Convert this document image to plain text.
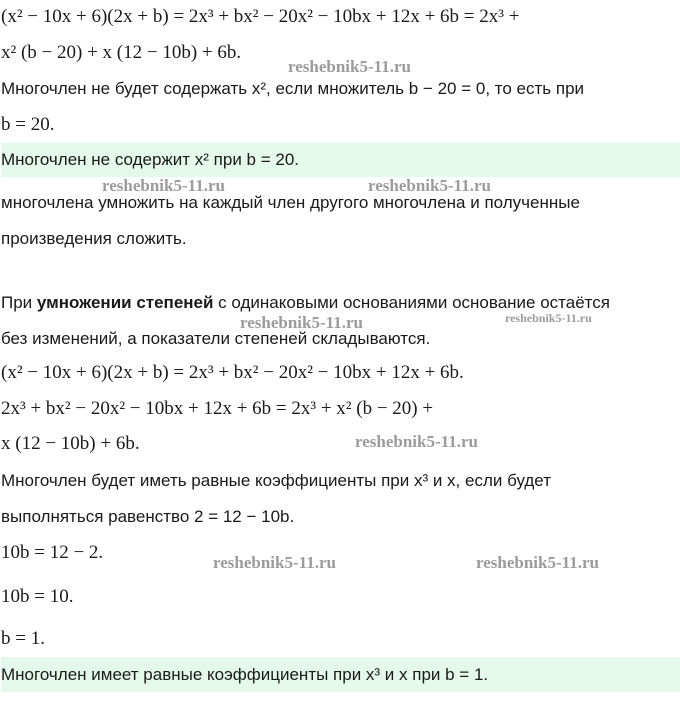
(x² − 10x + 6)(2x + b) = 2x³ + bx² − 20x² − 10bx + 12x + 6b = 2x³ +
x² (b − 20) + x (12 − 10b) + 6b.
Многочлен не будет содержать x², если множитель b − 20 = 0, то есть при
b = 20.
Многочлен не содержит x² при b = 20.
многочлена умножить на каждый член другого многочлена и полученные
произведения сложить.
При умножении степеней с одинаковыми основаниями основание остаётся
без изменений, а показатели степеней складываются.
(x² − 10x + 6)(2x + b) = 2x³ + bx² − 20x² − 10bx + 12x + 6b.
2x³ + bx² − 20x² − 10bx + 12x + 6b = 2x³ + x² (b − 20) +
x (12 − 10b) + 6b.
Многочлен будет иметь равные коэффициенты при x³ и x, если будет
выполняться равенство 2 = 12 − 10b.
10b = 12 − 2.
10b = 10.
b = 1.
Многочлен имеет равные коэффициенты при x³ и x при b = 1.
reshebnik5-11.ru
reshebnik5-11.ru	reshebnik5-11.ru
reshebnik5-11.ru	reshebnik5-11.ru
reshebnik5-11.ru
reshebnik5-11.ru	reshebnik5-11.ru
